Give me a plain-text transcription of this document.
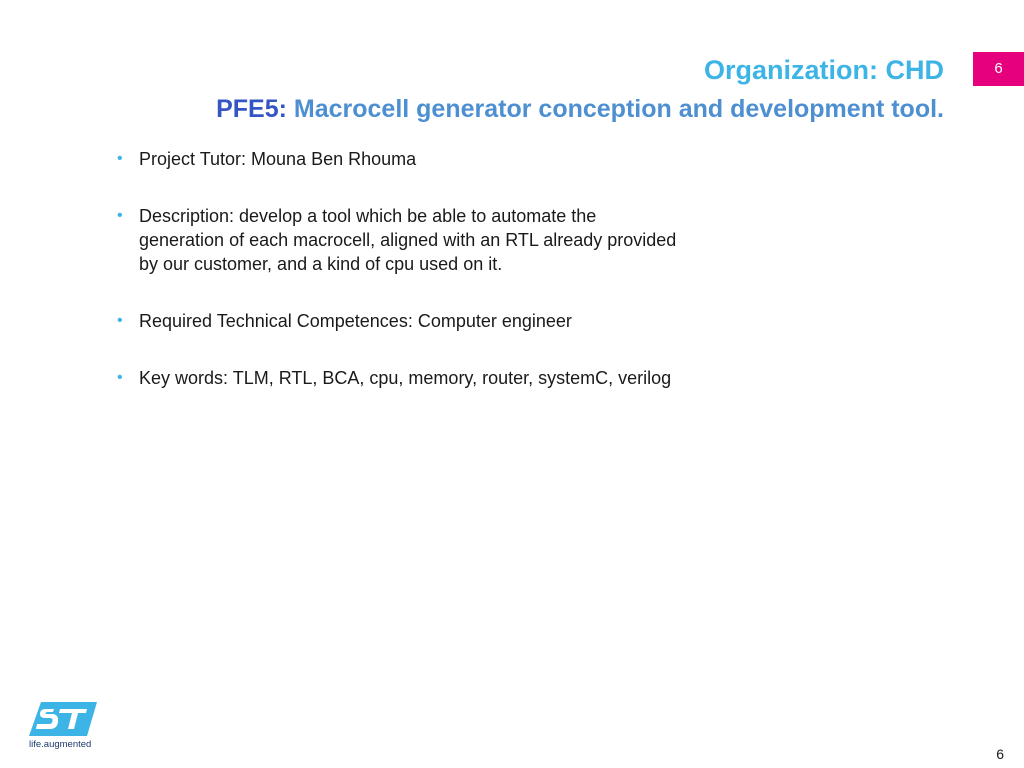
6
Organization: CHD
PFE5: Macrocell generator conception and development tool.
• Project Tutor: Mouna Ben Rhouma
• Description: develop a tool which be able to automate the generation of each macrocell, aligned with an RTL already provided by our customer, and a kind of cpu used on it.
• Required Technical Competences: Computer engineer
• Key words: TLM, RTL, BCA, cpu, memory, router, systemC, verilog
life.augmented
6
